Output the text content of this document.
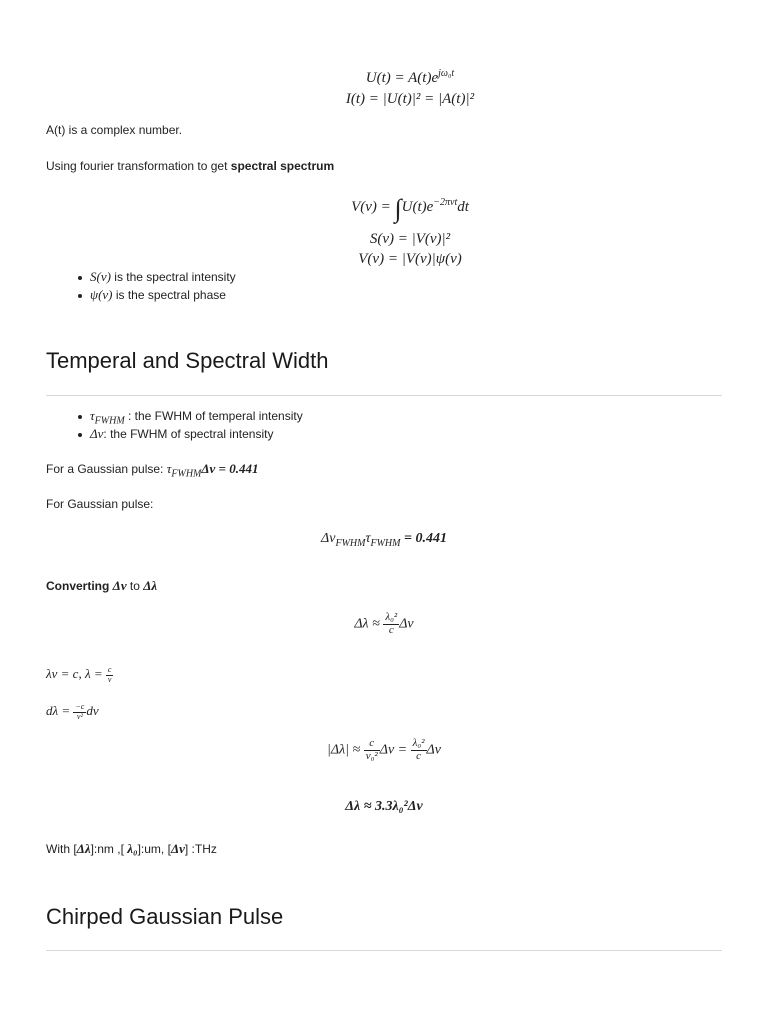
$U(t) = A(t)e^{j\omega_0t}$
I(t) = |U(t)|² = |A(t)|²
A(t) is a complex number.
Using fourier transformation to get spectral spectrum
$V(\nu) = \int U(t)e^{-2\pi\nu t}dt$
S(ν) = |V(ν)|²
V(ν) = |V(ν)|ψ(ν)
S(ν) is the spectral intensity
ψ(ν) is the spectral phase
Temperal and Spectral Width
$\tau_{FWHM}$ : the FWHM of temperal intensity
Δν: the FWHM of spectral intensity
For a Gaussian pulse: $\tau_{FWHM}\Delta\nu = 0.441$
For Gaussian pulse:
$\Delta\nu_{FWHM}\tau_{FWHM} = 0.441$
Converting Δν to Δλ
$\Delta\lambda \approx \frac{\text{λ₀²}}{c}$ Δν
λν = c, $\lambda = \frac{c}{\nu}$
$d\lambda = \frac{-c}{\text{ν²}}$ dν
$|\Delta\lambda| \approx \frac{c}{\text{ν₀²}}$ $\Delta\nu = \frac{\text{λ₀²}}{c}$ Δν
Δλ ≈ 3.3λ₀²Δν
With [Δλ]:nm ,[ λ₀]:um, [Δν] :THz
Chirped Gaussian Pulse
